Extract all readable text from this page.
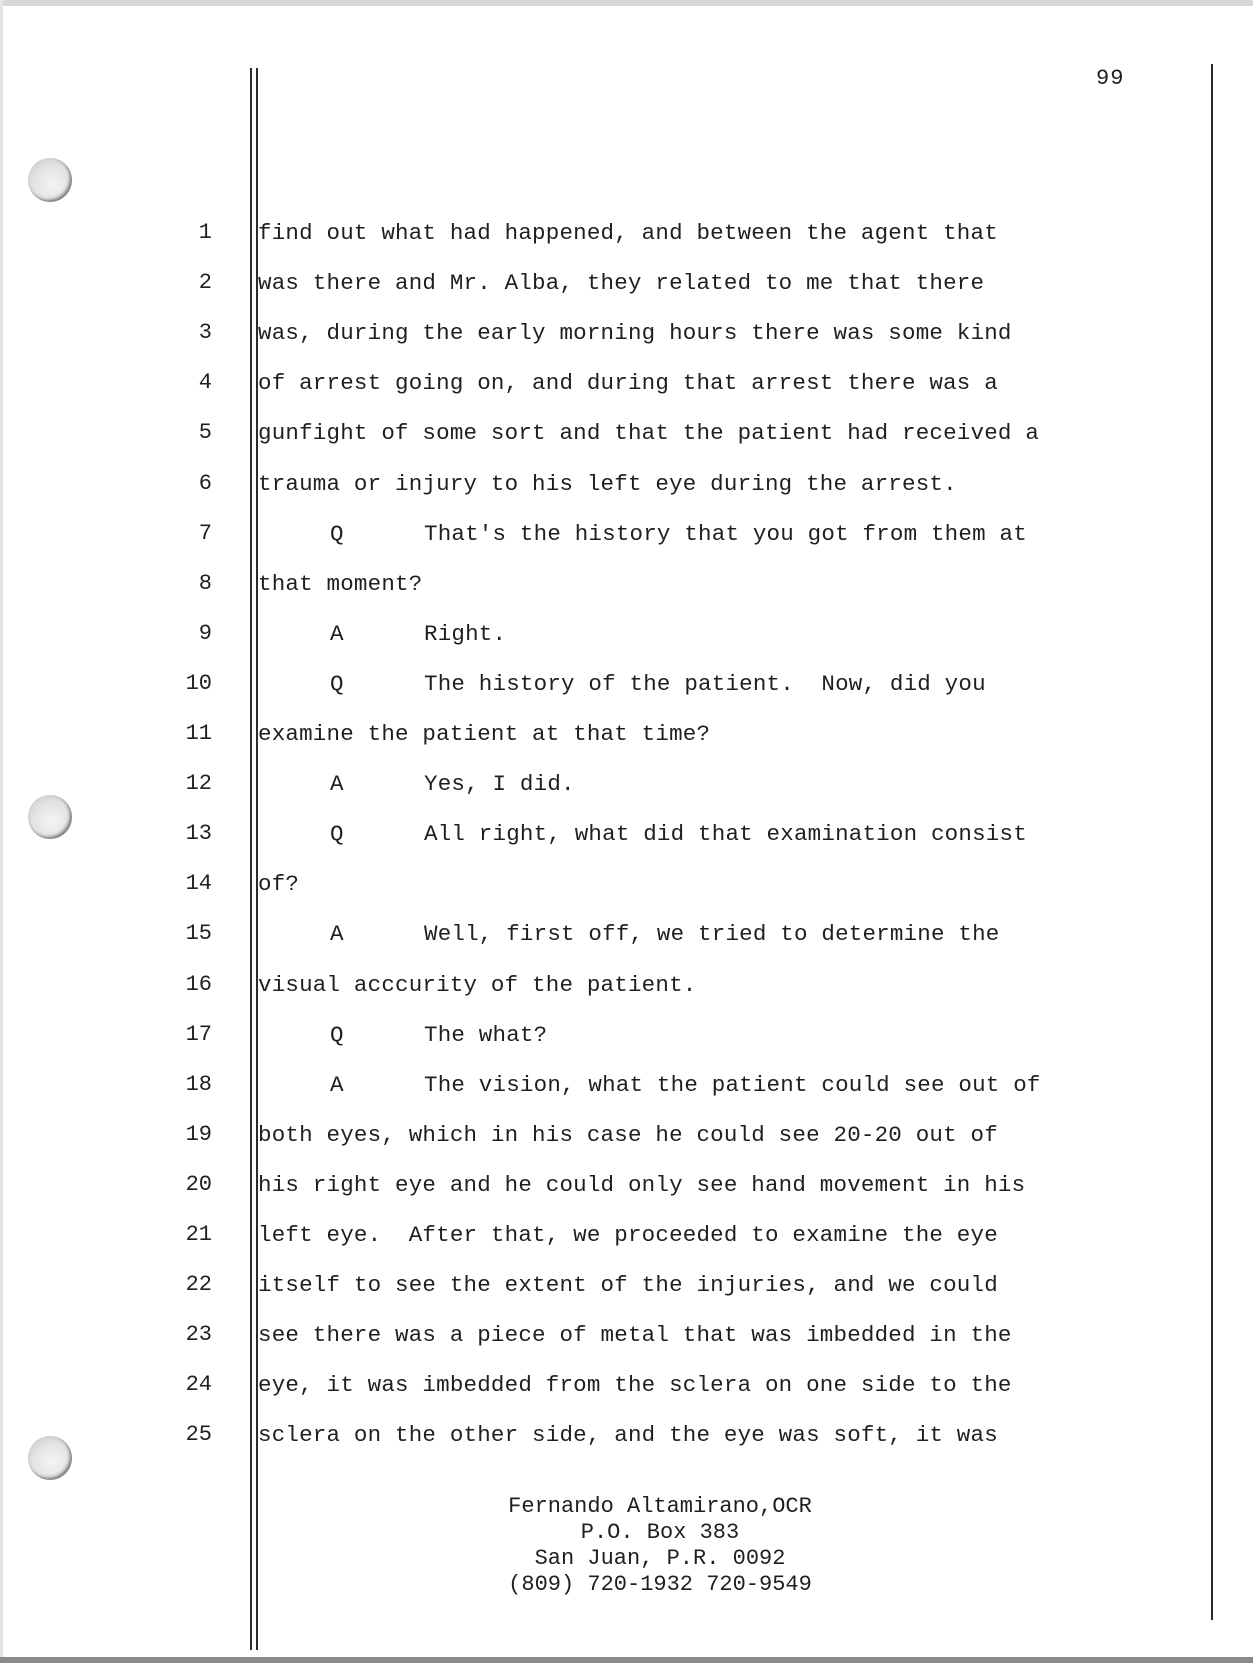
99
1 find out what had happened, and between the agent that
2 was there and Mr. Alba, they related to me that there
3 was, during the early morning hours there was some kind
4 of arrest going on, and during that arrest there was a
5 gunfight of some sort and that the patient had received a
6 trauma or injury to his left eye during the arrest.
7	Q	That's the history that you got from them at
8 that moment?
9	A	Right.
10	Q	The history of the patient.  Now, did you
11 examine the patient at that time?
12	A	Yes, I did.
13	Q	All right, what did that examination consist
14 of?
15	A	Well, first off, we tried to determine the
16 visual acccurity of the patient.
17	Q	The what?
18	A	The vision, what the patient could see out of
19 both eyes, which in his case he could see 20-20 out of
20 his right eye and he could only see hand movement in his
21 left eye.  After that, we proceeded to examine the eye
22 itself to see the extent of the injuries, and we could
23 see there was a piece of metal that was imbedded in the
24 eye, it was imbedded from the sclera on one side to the
25 sclera on the other side, and the eye was soft, it was
Fernando Altamirano,OCR
P.O. Box 383
San Juan, P.R. 0092
(809) 720-1932 720-9549
